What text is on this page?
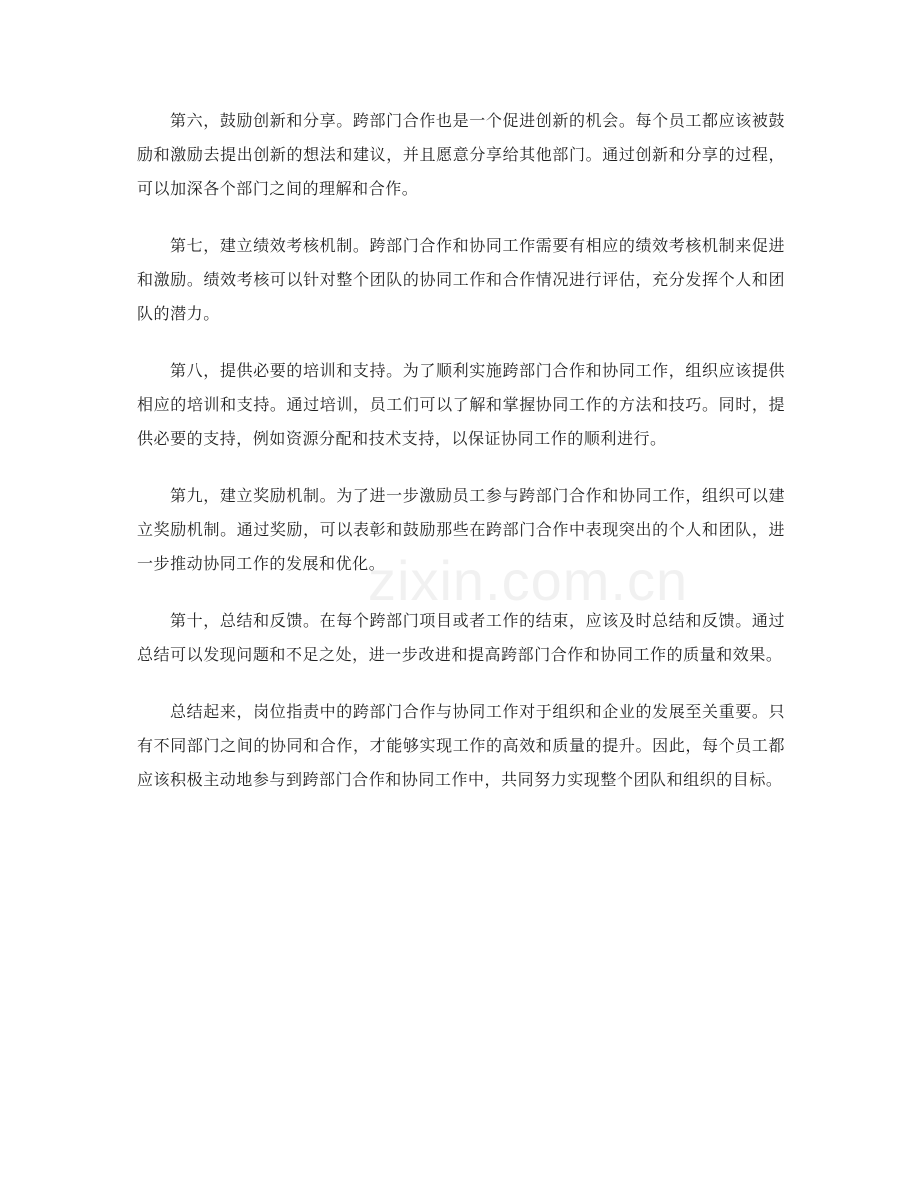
第六，鼓励创新和分享。跨部门合作也是一个促进创新的机会。每个员工都应该被鼓励和激励去提出创新的想法和建议，并且愿意分享给其他部门。通过创新和分享的过程，可以加深各个部门之间的理解和合作。

第七，建立绩效考核机制。跨部门合作和协同工作需要有相应的绩效考核机制来促进和激励。绩效考核可以针对整个团队的协同工作和合作情况进行评估，充分发挥个人和团队的潜力。

第八，提供必要的培训和支持。为了顺利实施跨部门合作和协同工作，组织应该提供相应的培训和支持。通过培训，员工们可以了解和掌握协同工作的方法和技巧。同时，提供必要的支持，例如资源分配和技术支持，以保证协同工作的顺利进行。

第九，建立奖励机制。为了进一步激励员工参与跨部门合作和协同工作，组织可以建立奖励机制。通过奖励，可以表彰和鼓励那些在跨部门合作中表现突出的个人和团队，进一步推动协同工作的发展和优化。

第十，总结和反馈。在每个跨部门项目或者工作的结束，应该及时总结和反馈。通过总结可以发现问题和不足之处，进一步改进和提高跨部门合作和协同工作的质量和效果。

总结起来，岗位指责中的跨部门合作与协同工作对于组织和企业的发展至关重要。只有不同部门之间的协同和合作，才能够实现工作的高效和质量的提升。因此，每个员工都应该积极主动地参与到跨部门合作和协同工作中，共同努力实现整个团队和组织的目标。

zixin.com.cn
